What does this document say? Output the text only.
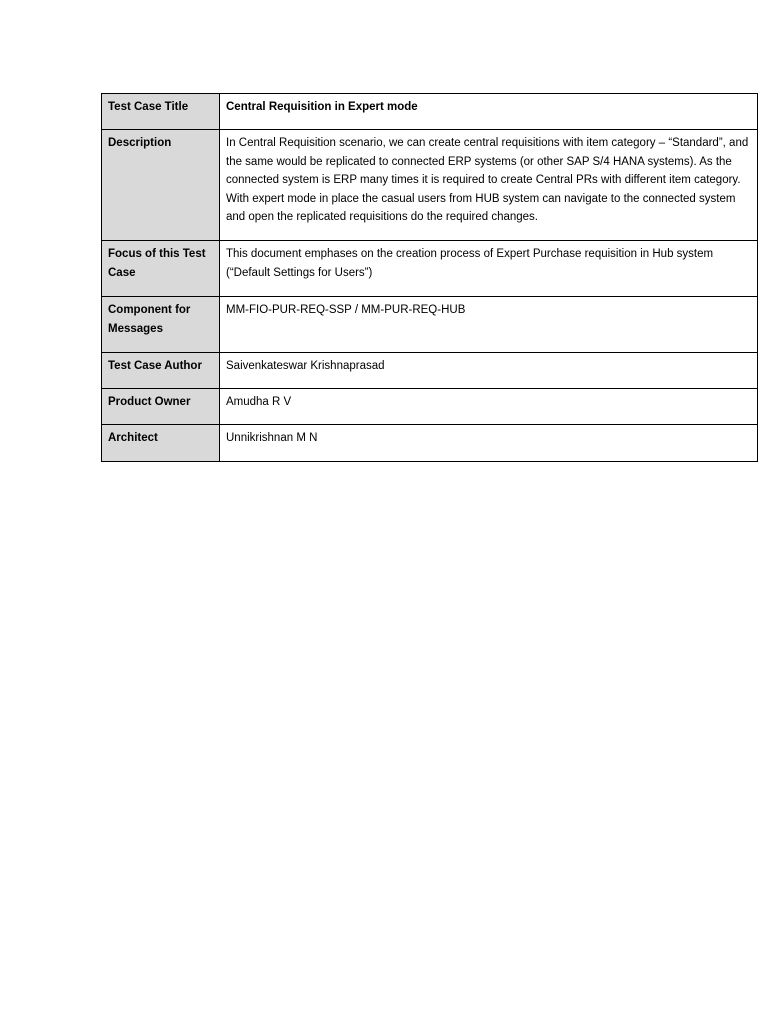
Test Case Title	Central Requisition in Expert mode
Description	In Central Requisition scenario, we can create central requisitions with item category – “Standard”, and the same would be replicated to connected ERP systems (or other SAP S/4 HANA systems). As the connected system is ERP many times it is required to create Central PRs with different item category. With expert mode in place the casual users from HUB system can navigate to the connected system and open the replicated requisitions do the required changes.
Focus of this Test Case	This document emphases on the creation process of Expert Purchase requisition in Hub system (“Default Settings for Users”)
Component for Messages	MM-FIO-PUR-REQ-SSP / MM-PUR-REQ-HUB
Test Case Author	Saivenkateswar Krishnaprasad
Product Owner	Amudha R V
Architect	Unnikrishnan M N
